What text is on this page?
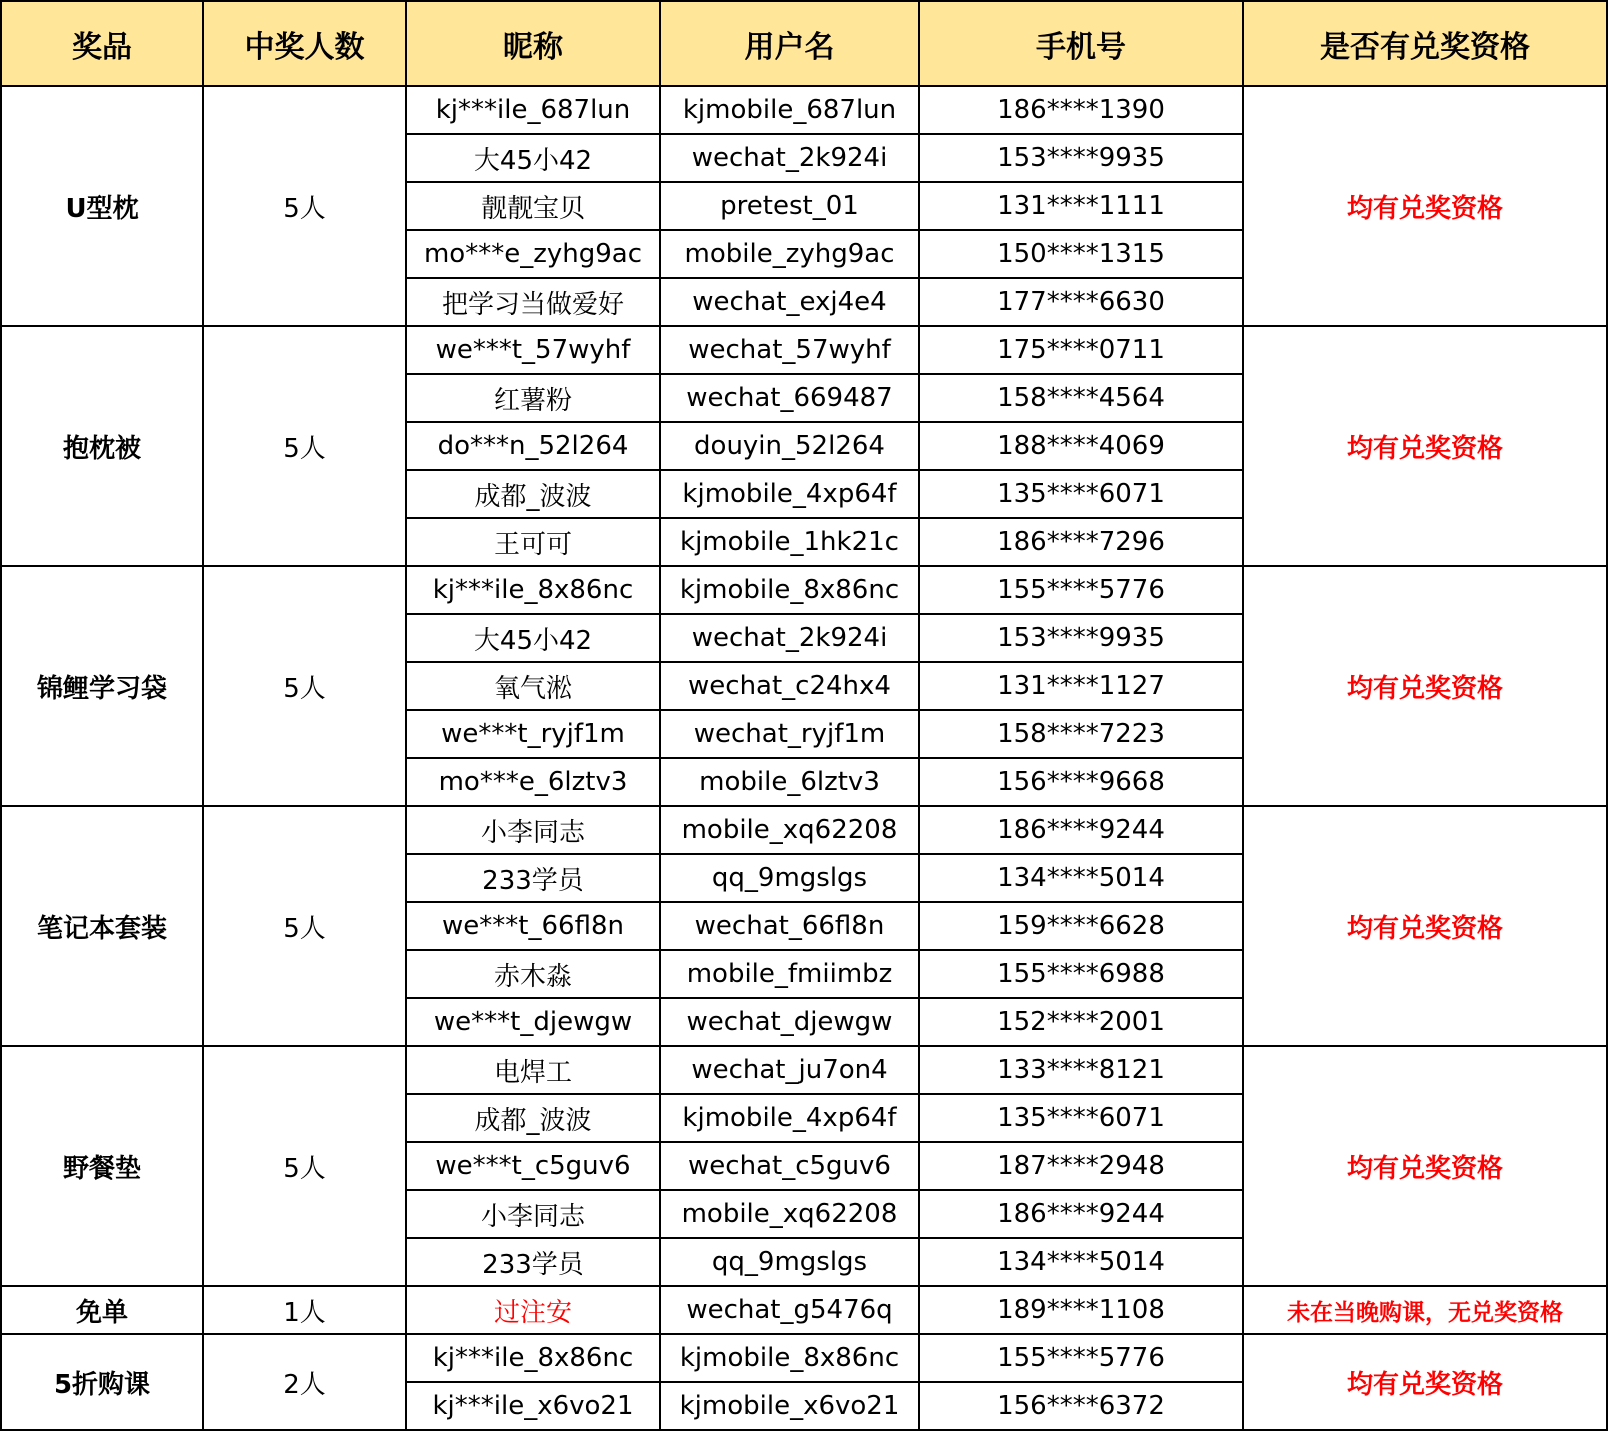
奖品	中奖人数	昵称	用户名	手机号	是否有兑奖资格
U型枕	5人	kj***ile_687lun	kjmobile_687lun	186****1390	均有兑奖资格
		大45小42	wechat_2k924i	153****9935	
		靓靓宝贝	pretest_01	131****1111	
		mo***e_zyhg9ac	mobile_zyhg9ac	150****1315	
		把学习当做爱好	wechat_exj4e4	177****6630	
抱枕被	5人	we***t_57wyhf	wechat_57wyhf	175****0711	均有兑奖资格
		红薯粉	wechat_669487	158****4564	
		do***n_52l264	douyin_52l264	188****4069	
		成都_波波	kjmobile_4xp64f	135****6071	
		王可可	kjmobile_1hk21c	186****7296	
锦鲤学习袋	5人	kj***ile_8x86nc	kjmobile_8x86nc	155****5776	均有兑奖资格
		大45小42	wechat_2k924i	153****9935	
		氧气淞	wechat_c24hx4	131****1127	
		we***t_ryjf1m	wechat_ryjf1m	158****7223	
		mo***e_6lztv3	mobile_6lztv3	156****9668	
笔记本套装	5人	小李同志	mobile_xq62208	186****9244	均有兑奖资格
		233学员	qq_9mgslgs	134****5014	
		we***t_66fl8n	wechat_66fl8n	159****6628	
		赤木淼	mobile_fmiimbz	155****6988	
		we***t_djewgw	wechat_djewgw	152****2001	
野餐垫	5人	电焊工	wechat_ju7on4	133****8121	均有兑奖资格
		成都_波波	kjmobile_4xp64f	135****6071	
		we***t_c5guv6	wechat_c5guv6	187****2948	
		小李同志	mobile_xq62208	186****9244	
		233学员	qq_9mgslgs	134****5014	
免单	1人	过注安	wechat_g5476q	189****1108	未在当晚购课，无兑奖资格
5折购课	2人	kj***ile_8x86nc	kjmobile_8x86nc	155****5776	均有兑奖资格
		kj***ile_x6vo21	kjmobile_x6vo21	156****6372	
